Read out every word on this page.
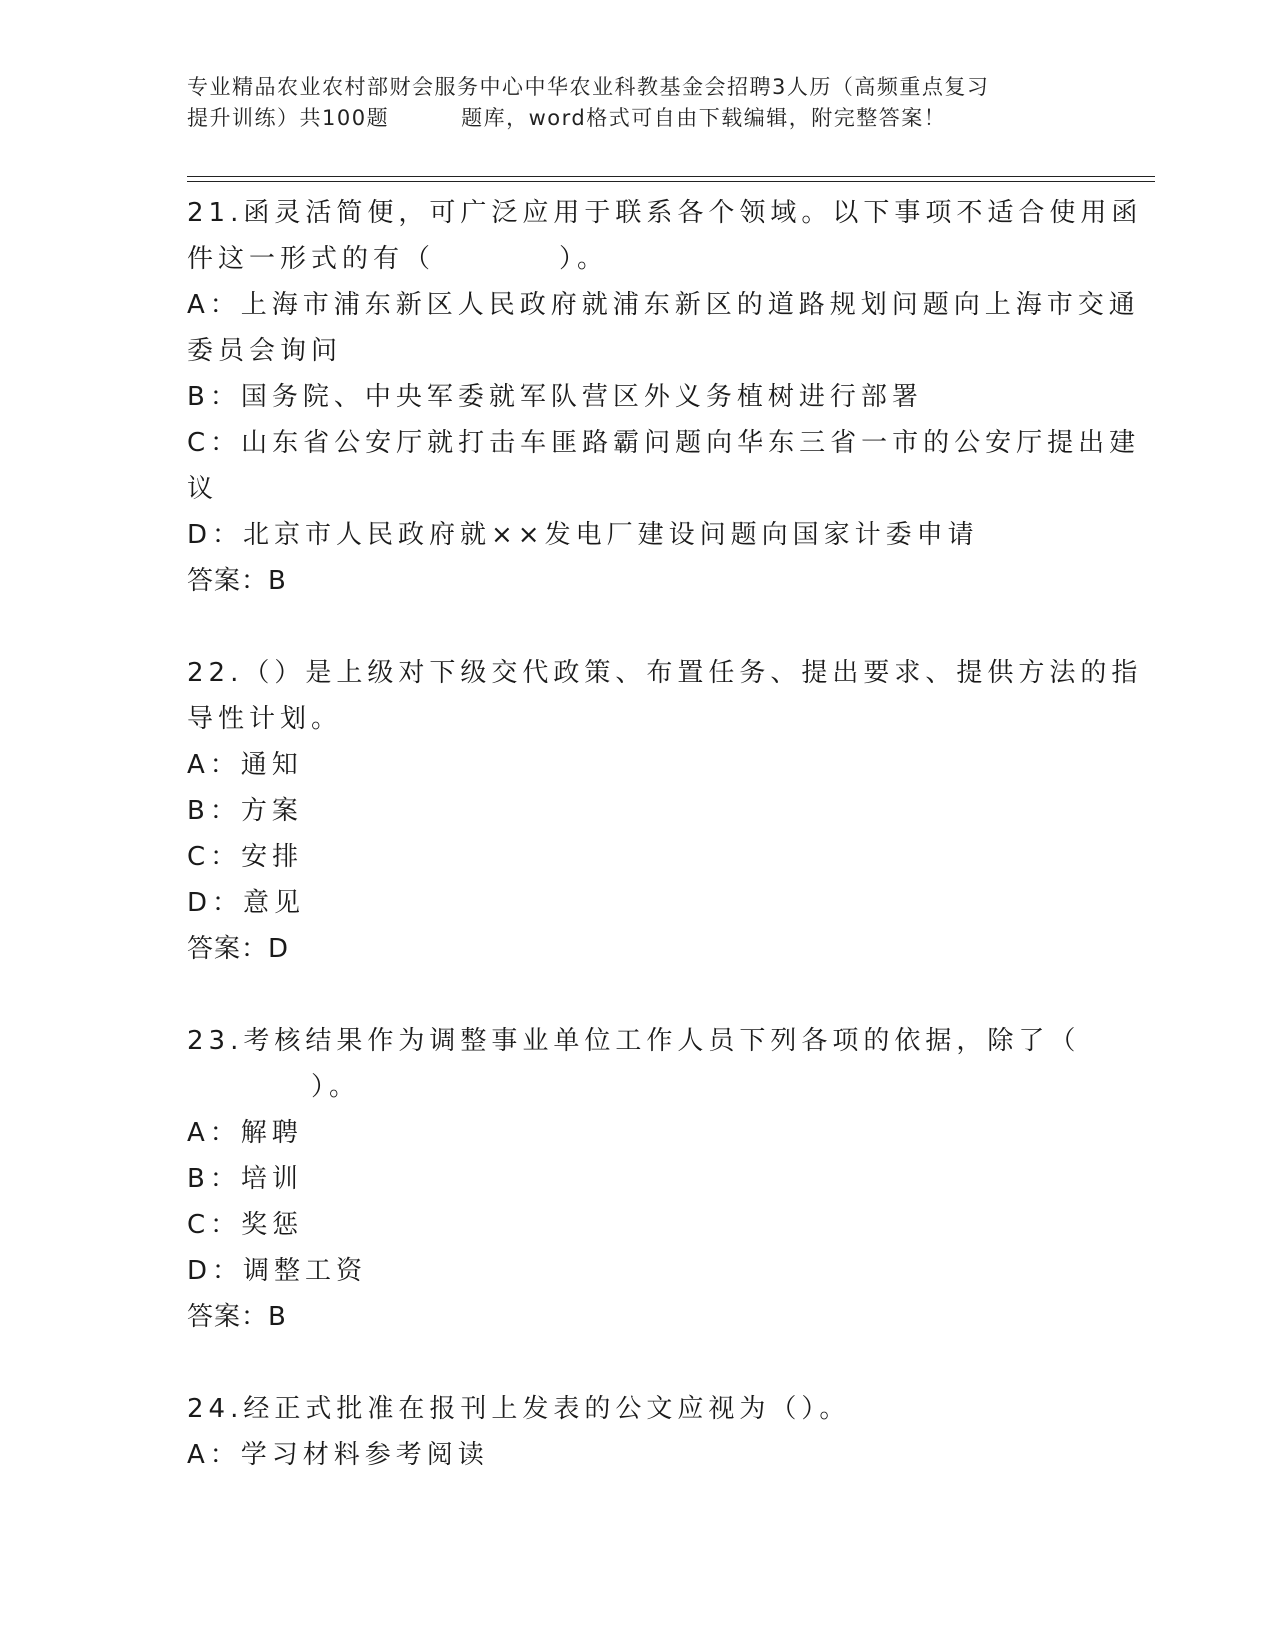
专业精品农业农村部财会服务中心中华农业科教基金会招聘3人历（高频重点复习
提升训练）共100题	题库，word格式可自由下载编辑，附完整答案！
21.函灵活简便，可广泛应用于联系各个领域。以下事项不适合使用函
件这一形式的有（　　　　）。
A：上海市浦东新区人民政府就浦东新区的道路规划问题向上海市交通
委员会询问
B：国务院、中央军委就军队营区外义务植树进行部署
C：山东省公安厅就打击车匪路霸问题向华东三省一市的公安厅提出建
议
D：北京市人民政府就××发电厂建设问题向国家计委申请
答案：B
22.（）是上级对下级交代政策、布置任务、提出要求、提供方法的指
导性计划。
A：通知
B：方案
C：安排
D：意见
答案：D
23.考核结果作为调整事业单位工作人员下列各项的依据，除了（
　　　　）。
A：解聘
B：培训
C：奖惩
D：调整工资
答案：B
24.经正式批准在报刊上发表的公文应视为（）。
A：学习材料参考阅读
